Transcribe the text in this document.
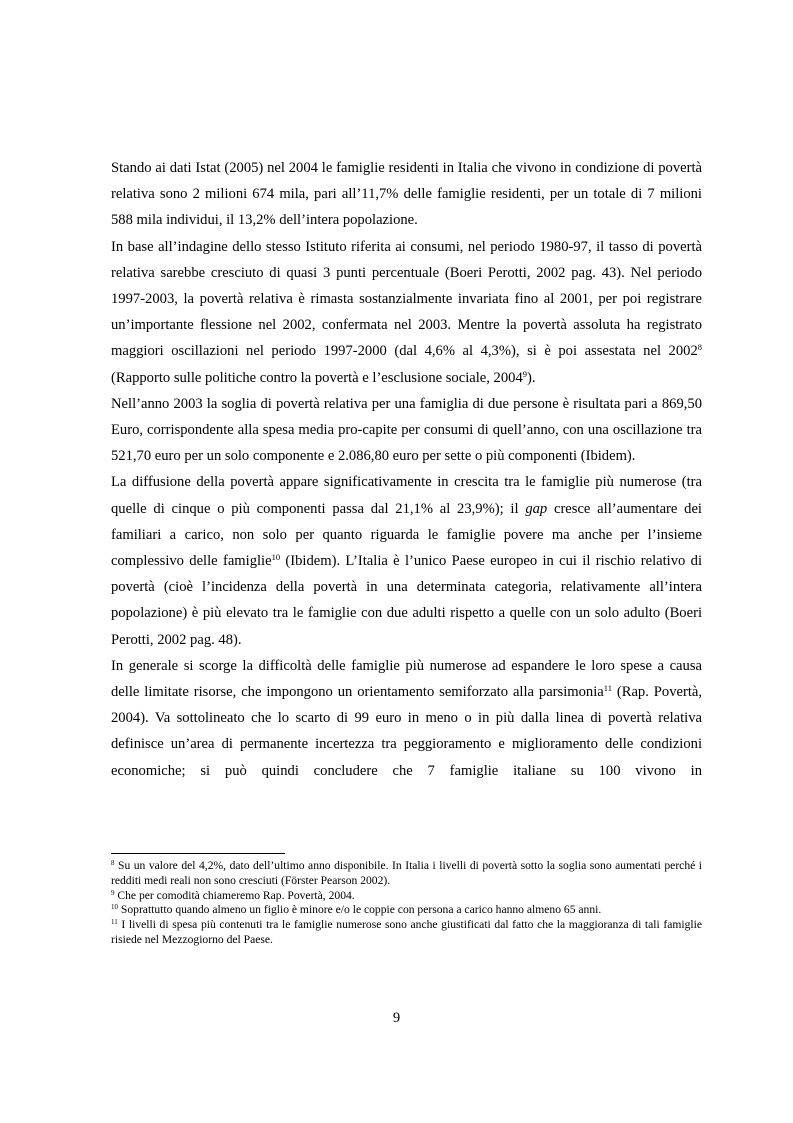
Stando ai dati Istat (2005) nel 2004 le famiglie residenti in Italia che vivono in condizione di povertà relativa sono 2 milioni 674 mila, pari all’11,7% delle famiglie residenti, per un totale di 7 milioni 588 mila individui, il 13,2% dell’intera popolazione.

In base all’indagine dello stesso Istituto riferita ai consumi, nel periodo 1980-97, il tasso di povertà relativa sarebbe cresciuto di quasi 3 punti percentuale (Boeri Perotti, 2002 pag. 43). Nel periodo 1997-2003, la povertà relativa è rimasta sostanzialmente invariata fino al 2001, per poi registrare un’importante flessione nel 2002, confermata nel 2003. Mentre la povertà assoluta ha registrato maggiori oscillazioni nel periodo 1997-2000 (dal 4,6% al 4,3%), si è poi assestata nel 2002$^8$ (Rapporto sulle politiche contro la povertà e l’esclusione sociale, 2004$^9$).

Nell’anno 2003 la soglia di povertà relativa per una famiglia di due persone è risultata pari a 869,50 Euro, corrispondente alla spesa media pro-capite per consumi di quell’anno, con una oscillazione tra 521,70 euro per un solo componente e 2.086,80 euro per sette o più componenti (Ibidem).

La diffusione della povertà appare significativamente in crescita tra le famiglie più numerose (tra quelle di cinque o più componenti passa dal 21,1% al 23,9%); il gap cresce all’aumentare dei familiari a carico, non solo per quanto riguarda le famiglie povere ma anche per l’insieme complessivo delle famiglie$^{10}$ (Ibidem). L’Italia è l’unico Paese europeo in cui il rischio relativo di povertà (cioè l’incidenza della povertà in una determinata categoria, relativamente all’intera popolazione) è più elevato tra le famiglie con due adulti rispetto a quelle con un solo adulto (Boeri Perotti, 2002 pag. 48).

In generale si scorge la difficoltà delle famiglie più numerose ad espandere le loro spese a causa delle limitate risorse, che impongono un orientamento semiforzato alla parsimonia$^{11}$ (Rap. Povertà, 2004). Va sottolineato che lo scarto di 99 euro in meno o in più dalla linea di povertà relativa definisce un’area di permanente incertezza tra peggioramento e miglioramento delle condizioni economiche; si può quindi concludere che 7 famiglie italiane su 100 vivono in

$^8$ Su un valore del 4,2%, dato dell’ultimo anno disponibile. In Italia i livelli di povertà sotto la soglia sono aumentati perché i redditi medi reali non sono cresciuti (Förster Pearson 2002).

$^9$ Che per comodità chiameremo Rap. Povertà, 2004.

$^{10}$ Soprattutto quando almeno un figlio è minore e/o le coppie con persona a carico hanno almeno 65 anni.

$^{11}$ I livelli di spesa più contenuti tra le famiglie numerose sono anche giustificati dal fatto che la maggioranza di tali famiglie risiede nel Mezzogiorno del Paese.

9
